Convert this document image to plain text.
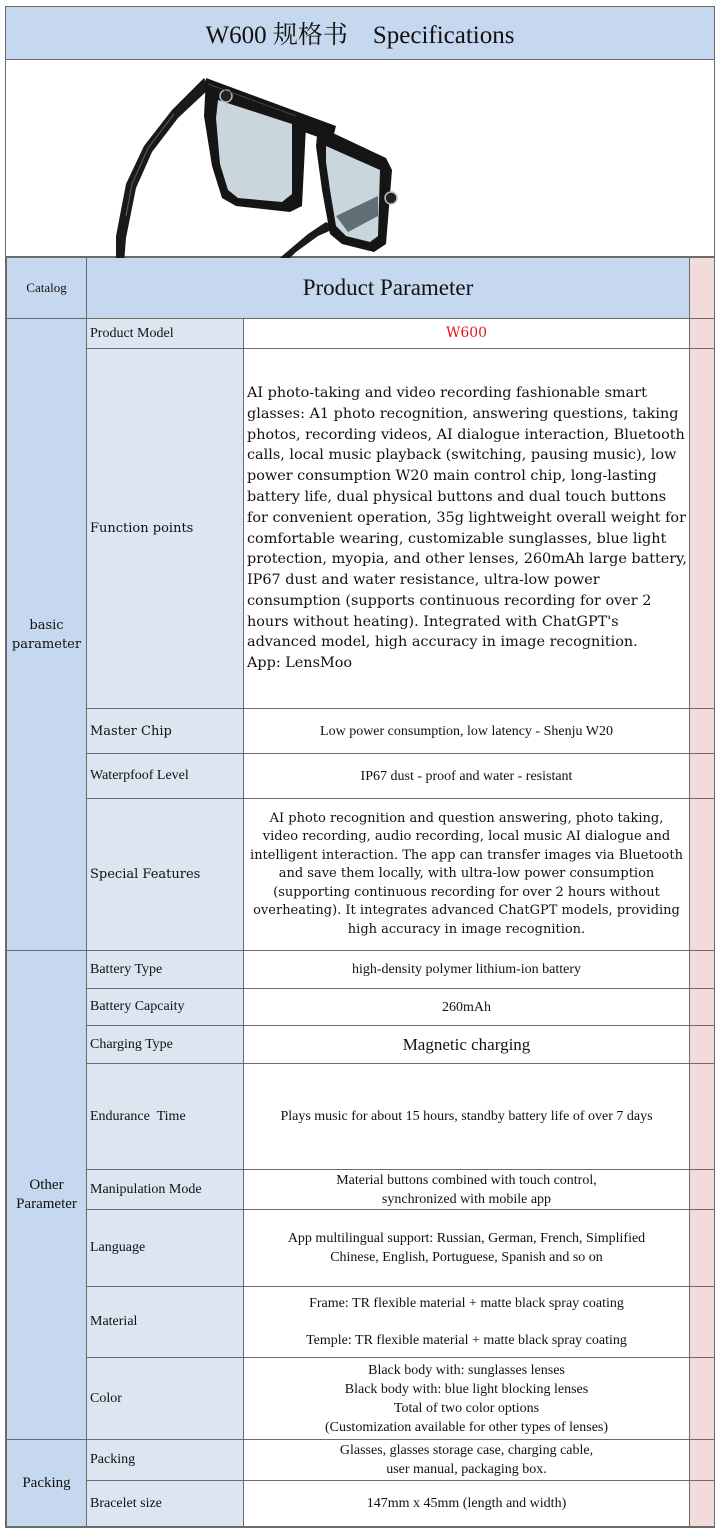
W600 规格书    Specifications
Catalog	Product Parameter		
basic parameter	Product Model	W600	
	Function points	AI photo-taking and video recording fashionable smart glasses: A1 photo recognition, answering questions, taking photos, recording videos, AI dialogue interaction, Bluetooth calls, local music playback (switching, pausing music), low power consumption W20 main control chip, long-lasting battery life, dual physical buttons and dual touch buttons for convenient operation, 35g lightweight overall weight for comfortable wearing, customizable sunglasses, blue light protection, myopia, and other lenses, 260mAh large battery, IP67 dust and water resistance, ultra-low power consumption (supports continuous recording for over 2 hours without heating). Integrated with ChatGPT's advanced model, high accuracy in image recognition.
App: LensMoo	

	Master Chip	Low power consumption, low latency - Shenju W20	
	Waterpfoof Level	IP67 dust - proof and water - resistant	
	Special Features	AI photo recognition and question answering, photo taking, video recording, audio recording, local music AI dialogue and intelligent interaction. The app can transfer images via Bluetooth and save them locally, with ultra-low power consumption (supporting continuous recording for over 2 hours without overheating). It integrates advanced ChatGPT models, providing high accuracy in image recognition.	
Other Parameter	Battery Type	high-density polymer lithium-ion battery	
	Battery Capcaity	260mAh	
	Charging Type	Magnetic charging	
	Endurance  Time	Plays music for about 15 hours, standby battery life of over 7 days	
	Manipulation Mode	Material buttons combined with touch control,
synchronized with mobile app	

	Language	App multilingual support: Russian, German, French, Simplified
Chinese, English, Portuguese, Spanish and so on	

	Material	Frame: TR flexible material + matte black spray coating
Temple: TR flexible material + matte black spray coating	

	Color	Black body with: sunglasses lenses
Black body with: blue light blocking lenses
Total of two color options
(Customization available for other types of lenses)	

Packing	Packing	Glasses, glasses storage case, charging cable,
user manual, packaging box.	

	Bracelet size	147mm x 45mm (length and width)	
